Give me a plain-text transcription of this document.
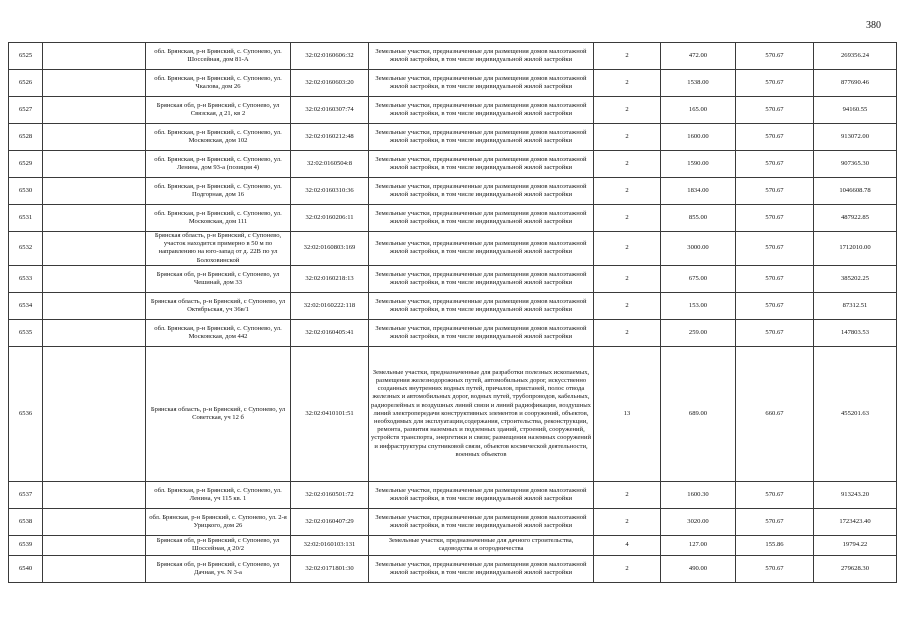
380
6525		обл. Брянская, р-н Брянский, с. Супонево, ул. Шоссейная, дом 81-А	32:02:0160606:32	Земельные участки, предназначенные для размещения домов малоэтажной жилой застройки, в том числе индивидуальной жилой застройки	2	472.00	570.67	269356.24
6526		обл. Брянская, р-н Брянский, с. Супонево, ул. Чкалова, дом 26	32:02:0160603:20	Земельные участки, предназначенные для размещения домов малоэтажной жилой застройки, в том числе индивидуальной жилой застройки	2	1538.00	570.67	877690.46
6527		Брянская обл, р-н Брянский, с Супонево, ул Связская, д 21, кв 2	32:02:0160307:74	Земельные участки, предназначенные для размещения домов малоэтажной жилой застройки, в том числе индивидуальной жилой застройки	2	165.00	570.67	94160.55
6528		обл. Брянская, р-н Брянский, с. Супонево, ул. Московская, дом 102	32:02:0160212:48	Земельные участки, предназначенные для размещения домов малоэтажной жилой застройки, в том числе индивидуальной жилой застройки	2	1600.00	570.67	913072.00
6529		обл. Брянская, р-н Брянский, с. Супонево, ул. Ленина, дом 93-а (позиция 4)	32:02:0160504:8	Земельные участки, предназначенные для размещения домов малоэтажной жилой застройки, в том числе индивидуальной жилой застройки	2	1590.00	570.67	907365.30
6530		обл. Брянская, р-н Брянский, с. Супонево, ул. Подгорная, дом 16	32:02:0160310:36	Земельные участки, предназначенные для размещения домов малоэтажной жилой застройки, в том числе индивидуальной жилой застройки	2	1834.00	570.67	1046608.78
6531		обл. Брянская, р-н Брянский, с. Супонево, ул. Московская, дом 111	32:02:0160206:11	Земельные участки, предназначенные для размещения домов малоэтажной жилой застройки, в том числе индивидуальной жилой застройки	2	855.00	570.67	487922.85
6532		Брянская область, р-н Брянский, с Супонево, участок находится примерно в 50 м по направлению на юго-запад от д. 22В по ул Болоховинской	32:02:0160803:169	Земельные участки, предназначенные для размещения домов малоэтажной жилой застройки, в том числе индивидуальной жилой застройки	2	3000.00	570.67	1712010.00
6533		Брянская обл, р-н Брянский, с Супонево, ул Чешинай, дом 33	32:02:0160218:13	Земельные участки, предназначенные для размещения домов малоэтажной жилой застройки, в том числе индивидуальной жилой застройки	2	675.00	570.67	385202.25
6534		Брянская область, р-н Брянский, с Супонево, ул Октябрьская, уч 36в/1	32:02:0160222:118	Земельные участки, предназначенные для размещения домов малоэтажной жилой застройки, в том числе индивидуальной жилой застройки	2	153.00	570.67	87312.51
6535		обл. Брянская, р-н Брянский, с. Супонево, ул. Московская, дом 442	32:02:0160405:41	Земельные участки, предназначенные для размещения домов малоэтажной жилой застройки, в том числе индивидуальной жилой застройки	2	259.00	570.67	147803.53
6536		Брянская область, р-н Брянский, с Супонево, ул Советская, уч 12 б	32:02:0410101:51	Земельные участки, предназначенные для разработки полезных ископаемых, размещения железнодорожных путей, автомобильных дорог, искусственно созданных внутренних водных путей, причалов, пристаней, полос отвода железных и автомобильных дорог, водных путей, трубопроводов, кабельных, радиорелейных и воздушных линий связи и линий радиофикации, воздушных линий электропередачи конструктивных элементов и сооружений, объектов, необходимых для эксплуатации,содержания, строительства, реконструкции, ремонта, развития наземных и подземных зданий, строений, сооружений, устройств транспорта, энергетики и связи; размещения наземных сооружений и инфраструктуры спутниковой связи, объектов космической деятельности, военных объектов	13	689.00	660.67	455201.63
6537		обл. Брянская, р-н Брянский, с. Супонево, ул. Ленина, уч 115 кв. 1	32:02:0160501:72	Земельные участки, предназначенные для размещения домов малоэтажной жилой застройки, в том числе индивидуальной жилой застройки	2	1600.30	570.67	913243.20
6538		обл. Брянская, р-н Брянский, с. Супонево, ул. 2-я Урицкого, дом 26	32:02:0160407:29	Земельные участки, предназначенные для размещения домов малоэтажной жилой застройки, в том числе индивидуальной жилой застройки	2	3020.00	570.67	1723423.40
6539		Брянская обл, р-н Брянский, с Супонево, ул Шоссейная, д 20/2	32:02:0160103:131	Земельные участки, предназначенные для дачного строительства, садоводства и огородничества	4	127.00	155.86	19794.22
6540		Брянская обл, р-н Брянский, с Супонево, ул Дачная, уч. N 3-а	32:02:0171801:30	Земельные участки, предназначенные для размещения домов малоэтажной жилой застройки, в том числе индивидуальной жилой застройки	2	490.00	570.67	279628.30
